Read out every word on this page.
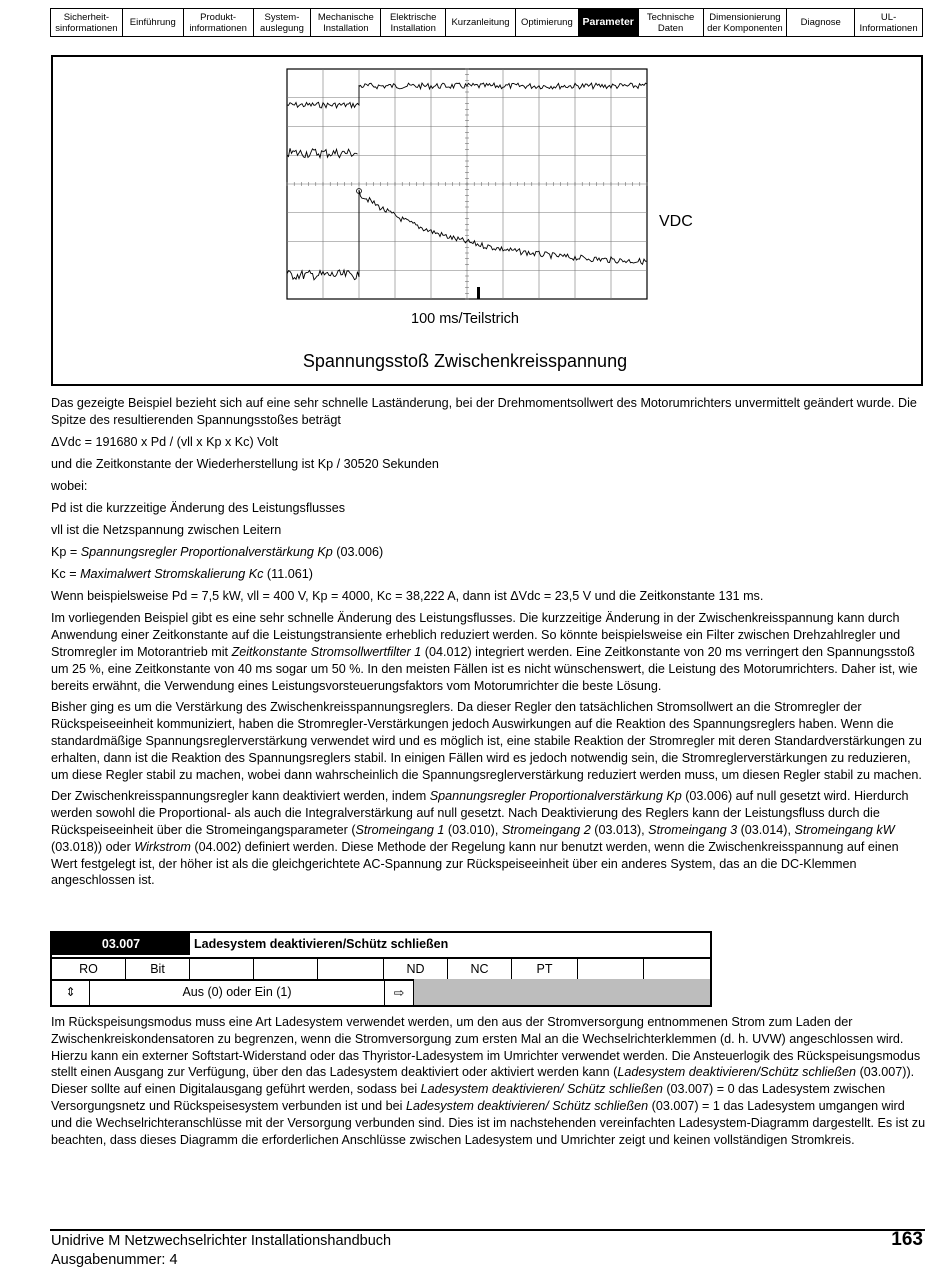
Sicherheit-
sinformationen	Einführung	Produkt-
informationen
System-
auslegung
Mechanische
Installation
Elektrische
Installation	Kurzanleitung	Optimierung Parameter	Technische
Daten
Dimensionierung
der Komponenten	Diagnose	UL-
Informationen
VDC
100 ms/Teilstrich
Spannungsstoß Zwischenkreisspannung

Das gezeigte Beispiel bezieht sich auf eine sehr schnelle Laständerung, bei der Drehmomentsollwert des Motorumrichters unvermittelt geändert wurde. Die Spitze des resultierenden Spannungsstoßes beträgt

ΔVdc = 191680 x Pd / (vll x Kp x Kc) Volt

und die Zeitkonstante der Wiederherstellung ist Kp / 30520 Sekunden

wobei:

Pd ist die kurzzeitige Änderung des Leistungsflusses

vll ist die Netzspannung zwischen Leitern

Kp = Spannungsregler Proportionalverstärkung Kp (03.006)

Kc = Maximalwert Stromskalierung Kc (11.061)

Wenn beispielsweise Pd = 7,5 kW, vll = 400 V, Kp = 4000, Kc = 38,222 A, dann ist ΔVdc = 23,5 V und die Zeitkonstante 131 ms.

Im vorliegenden Beispiel gibt es eine sehr schnelle Änderung des Leistungsflusses. Die kurzzeitige Änderung in der Zwischenkreisspannung kann durch Anwendung einer Zeitkonstante auf die Leistungstransiente erheblich reduziert werden. So könnte beispielsweise ein Filter zwischen Drehzahlregler und Stromregler im Motorantrieb mit Zeitkonstante Stromsollwertfilter 1 (04.012) integriert werden. Eine Zeitkonstante von 20 ms verringert den Spannungsstoß um 25 %, eine Zeitkonstante von 40 ms sogar um 50 %. In den meisten Fällen ist es nicht wünschenswert, die Leistung des Motorumrichters. Daher ist, wie bereits erwähnt, die Verwendung eines Leistungsvorsteuerungsfaktors vom Motorumrichter die beste Lösung.

Bisher ging es um die Verstärkung des Zwischenkreisspannungsreglers. Da dieser Regler den tatsächlichen Stromsollwert an die Stromregler der Rückspeiseeinheit kommuniziert, haben die Stromregler-Verstärkungen jedoch Auswirkungen auf die Reaktion des Spannungsreglers haben. Wenn die standardmäßige Spannungsreglerverstärkung verwendet wird und es möglich ist, eine stabile Reaktion der Stromregler mit deren Standardverstärkungen zu erhalten, dann ist die Reaktion des Spannungsreglers stabil. In einigen Fällen wird es jedoch notwendig sein, die Stromreglerverstärkungen zu reduzieren, um diese Regler stabil zu machen, wobei dann wahrscheinlich die Spannungsreglerverstärkung reduziert werden muss, um diesen Regler stabil zu machen.

Der Zwischenkreisspannungsregler kann deaktiviert werden, indem Spannungsregler Proportionalverstärkung Kp (03.006) auf null gesetzt wird. Hierdurch werden sowohl die Proportional- als auch die Integralverstärkung auf null gesetzt. Nach Deaktivierung des Reglers kann der Leistungsfluss durch die Rückspeiseeinheit über die Stromeingangsparameter (Stromeingang 1 (03.010), Stromeingang 2 (03.013), Stromeingang 3 (03.014), Stromeingang kW (03.018)) oder Wirkstrom (04.002) definiert werden. Diese Methode der Regelung kann nur benutzt werden, wenn die Zwischenkreisspannung auf einen Wert festgelegt ist, der höher ist als die gleichgerichtete AC-Spannung zur Rückspeiseeinheit über ein anderes System, das an die DC-Klemmen angeschlossen ist.

03.007	Ladesystem deaktivieren/Schütz schließen
RO	Bit	ND	NC	PT
⇕	Aus (0) oder Ein (1)	⇨

Im Rückspeisungsmodus muss eine Art Ladesystem verwendet werden, um den aus der Stromversorgung entnommenen Strom zum Laden der Zwischenkreiskondensatoren zu begrenzen, wenn die Stromversorgung zum ersten Mal an die Wechselrichterklemmen (d. h. UVW) angeschlossen wird. Hierzu kann ein externer Softstart-Widerstand oder das Thyristor-Ladesystem im Umrichter verwendet werden. Die Ansteuerlogik des Rückspeisungsmodus stellt einen Ausgang zur Verfügung, über den das Ladesystem deaktiviert oder aktiviert werden kann (Ladesystem deaktivieren/Schütz schließen (03.007)). Dieser sollte auf einen Digitalausgang geführt werden, sodass bei Ladesystem deaktivieren/ Schütz schließen (03.007) = 0 das Ladesystem zwischen Versorgungsnetz und Rückspeisesystem verbunden ist und bei Ladesystem deaktivieren/ Schütz schließen (03.007) = 1 das Ladesystem umgangen wird und die Wechselrichteranschlüsse mit der Versorgung verbunden sind. Dies ist im nachstehenden vereinfachten Ladesystem-Diagramm dargestellt. Es ist zu beachten, dass dieses Diagramm die erforderlichen Anschlüsse zwischen Ladesystem und Umrichter zeigt und keinen vollständigen Stromkreis.

Unidrive M Netzwechselrichter Installationshandbuch
Ausgabenummer: 4
163
